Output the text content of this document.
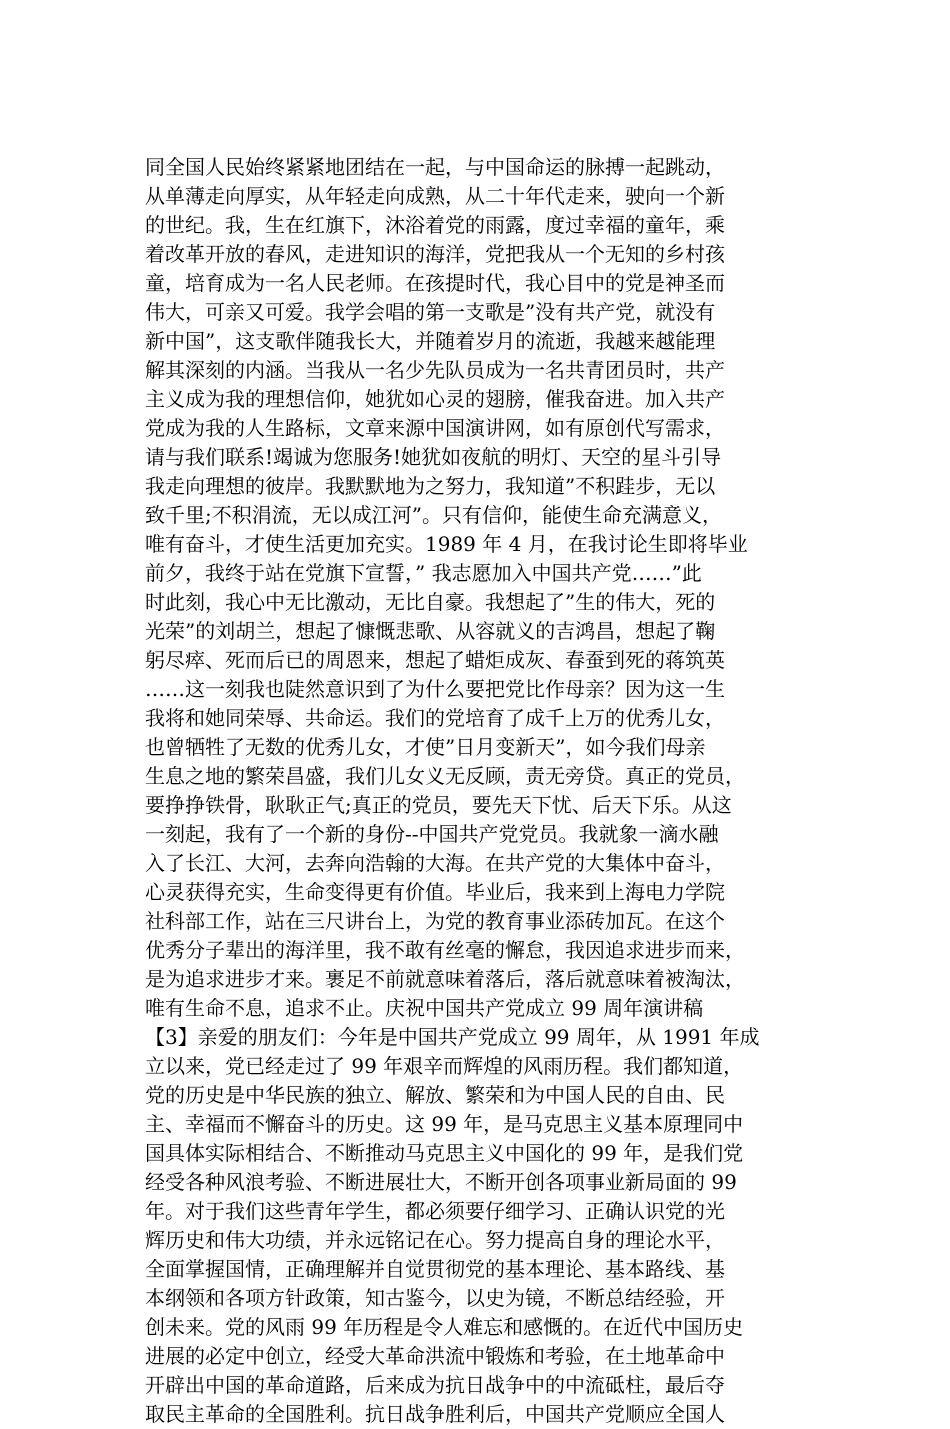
同全国人民始终紧紧地团结在一起，与中国命运的脉搏一起跳动，
从单薄走向厚实，从年轻走向成熟，从二十年代走来，驶向一个新
的世纪。我，生在红旗下，沐浴着党的雨露，度过幸福的童年，乘
着改革开放的春风，走进知识的海洋，党把我从一个无知的乡村孩
童，培育成为一名人民老师。在孩提时代，我心目中的党是神圣而
伟大，可亲又可爱。我学会唱的第一支歌是”没有共产党，就没有
新中国”，这支歌伴随我长大，并随着岁月的流逝，我越来越能理
解其深刻的内涵。当我从一名少先队员成为一名共青团员时，共产
主义成为我的理想信仰，她犹如心灵的翅膀，催我奋进。加入共产
党成为我的人生路标，文章来源中国演讲网，如有原创代写需求，
请与我们联系!竭诚为您服务!她犹如夜航的明灯、天空的星斗引导
我走向理想的彼岸。我默默地为之努力，我知道”不积跬步，无以
致千里;不积涓流，无以成江河”。只有信仰，能使生命充满意义，
唯有奋斗，才使生活更加充实。1989 年 4 月，在我讨论生即将毕业
前夕，我终于站在党旗下宣誓，” 我志愿加入中国共产党……”此
时此刻，我心中无比激动，无比自豪。我想起了”生的伟大，死的
光荣”的刘胡兰，想起了慷慨悲歌、从容就义的吉鸿昌，想起了鞠
躬尽瘁、死而后已的周恩来，想起了蜡炬成灰、春蚕到死的蒋筑英
……这一刻我也陡然意识到了为什么要把党比作母亲？因为这一生
我将和她同荣辱、共命运。我们的党培育了成千上万的优秀儿女，
也曾牺牲了无数的优秀儿女，才使”日月变新天”，如今我们母亲
生息之地的繁荣昌盛，我们儿女义无反顾，责无旁贷。真正的党员，
要挣挣铁骨，耿耿正气;真正的党员，要先天下忧、后天下乐。从这
一刻起，我有了一个新的身份--中国共产党党员。我就象一滴水融
入了长江、大河，去奔向浩翰的大海。在共产党的大集体中奋斗，
心灵获得充实，生命变得更有价值。毕业后，我来到上海电力学院
社科部工作，站在三尺讲台上，为党的教育事业添砖加瓦。在这个
优秀分子辈出的海洋里，我不敢有丝毫的懈怠，我因追求进步而来，
是为追求进步才来。裹足不前就意味着落后，落后就意味着被淘汰，
唯有生命不息，追求不止。庆祝中国共产党成立 99 周年演讲稿
【3】亲爱的朋友们：今年是中国共产党成立 99 周年，从 1991 年成
立以来，党已经走过了 99 年艰辛而辉煌的风雨历程。我们都知道，
党的历史是中华民族的独立、解放、繁荣和为中国人民的自由、民
主、幸福而不懈奋斗的历史。这 99 年，是马克思主义基本原理同中
国具体实际相结合、不断推动马克思主义中国化的 99 年，是我们党
经受各种风浪考验、不断进展壮大，不断开创各项事业新局面的 99
年。对于我们这些青年学生，都必须要仔细学习、正确认识党的光
辉历史和伟大功绩，并永远铭记在心。努力提高自身的理论水平，
全面掌握国情，正确理解并自觉贯彻党的基本理论、基本路线、基
本纲领和各项方针政策，知古鉴今，以史为镜，不断总结经验，开
创未来。党的风雨 99 年历程是令人难忘和感慨的。在近代中国历史
进展的必定中创立，经受大革命洪流中锻炼和考验，在土地革命中
开辟出中国的革命道路，后来成为抗日战争中的中流砥柱，最后夺
取民主革命的全国胜利。抗日战争胜利后，中国共产党顺应全国人
